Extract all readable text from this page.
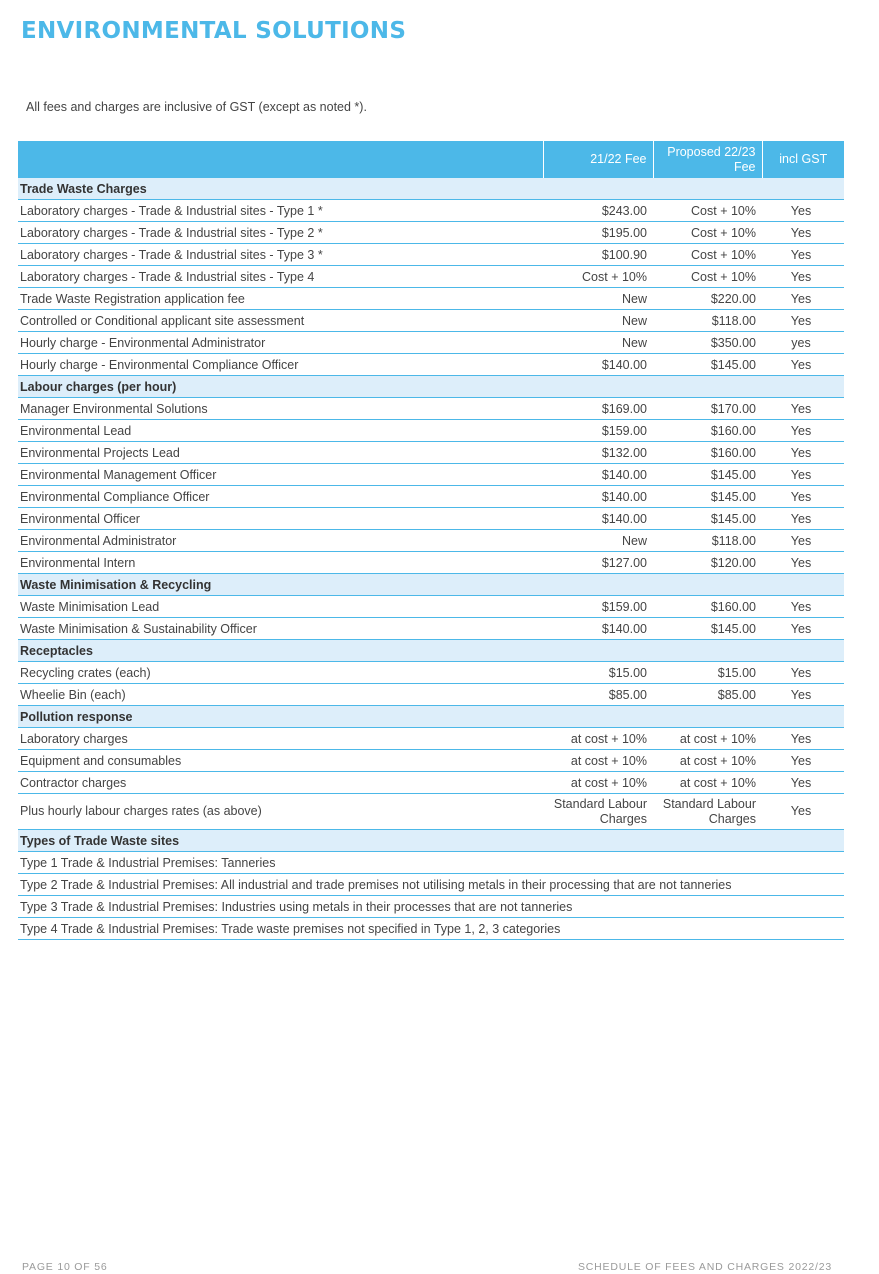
ENVIRONMENTAL SOLUTIONS

All fees and charges are inclusive of GST (except as noted *).

	21/22 Fee	Proposed 22/23 Fee	incl GST
Trade Waste Charges			
Laboratory charges - Trade & Industrial sites - Type 1 *	$243.00	Cost + 10%	Yes
Laboratory charges - Trade & Industrial sites - Type 2 *	$195.00	Cost + 10%	Yes
Laboratory charges - Trade & Industrial sites - Type 3 *	$100.90	Cost + 10%	Yes
Laboratory charges - Trade & Industrial sites - Type 4	Cost + 10%	Cost + 10%	Yes
Trade Waste Registration application fee	New	$220.00	Yes
Controlled or Conditional applicant site assessment	New	$118.00	Yes
Hourly charge - Environmental Administrator	New	$350.00	yes
Hourly charge - Environmental Compliance Officer	$140.00	$145.00	Yes
Labour charges (per hour)			
Manager Environmental Solutions	$169.00	$170.00	Yes
Environmental Lead	$159.00	$160.00	Yes
Environmental Projects Lead	$132.00	$160.00	Yes
Environmental Management Officer	$140.00	$145.00	Yes
Environmental Compliance Officer	$140.00	$145.00	Yes
Environmental Officer	$140.00	$145.00	Yes
Environmental Administrator	New	$118.00	Yes
Environmental Intern	$127.00	$120.00	Yes
Waste Minimisation & Recycling			
Waste Minimisation Lead	$159.00	$160.00	Yes
Waste Minimisation & Sustainability Officer	$140.00	$145.00	Yes
Receptacles			
Recycling crates (each)	$15.00	$15.00	Yes
Wheelie Bin (each)	$85.00	$85.00	Yes
Pollution response			
Laboratory charges	at cost + 10%	at cost + 10%	Yes
Equipment and consumables	at cost + 10%	at cost + 10%	Yes
Contractor charges	at cost + 10%	at cost + 10%	Yes
Plus hourly labour charges rates (as above)	Standard Labour Charges	Standard Labour Charges	Yes
Types of Trade Waste sites			
Type 1 Trade & Industrial Premises: Tanneries			
Type 2 Trade & Industrial Premises: All industrial and trade premises not utilising metals in their processing that are not tanneries			
Type 3 Trade & Industrial Premises: Industries using metals in their processes that are not tanneries			
Type 4 Trade & Industrial Premises: Trade waste premises not specified in Type 1, 2, 3 categories			
PAGE 10 OF 56	SCHEDULE OF FEES AND CHARGES 2022/23
